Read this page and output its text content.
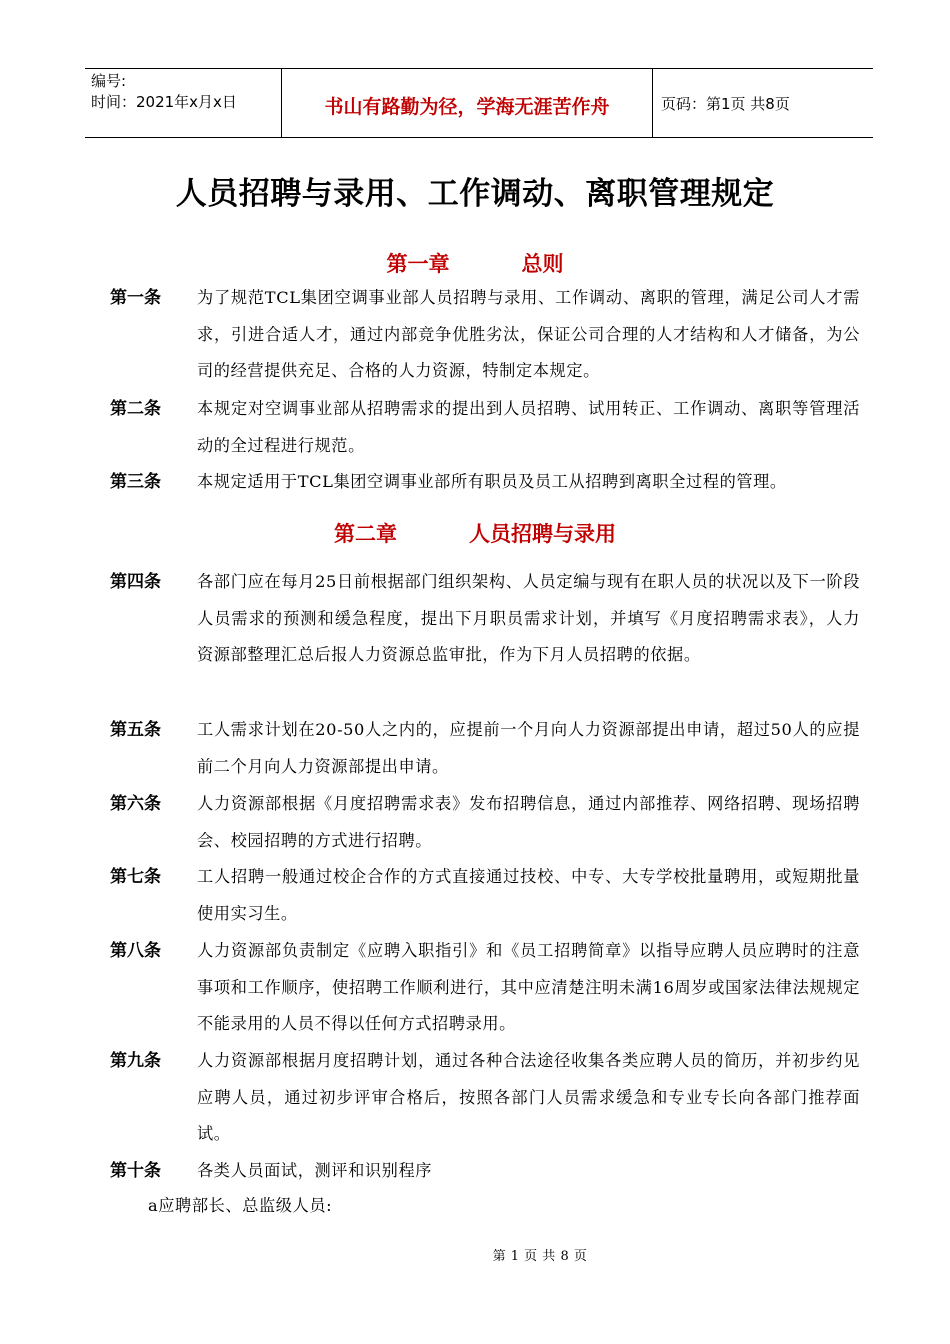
编号:
时间：2021年x月x日	书山有路勤为径，学海无涯苦作舟	页码：第1页 共8页
人员招聘与录用、工作调动、离职管理规定
第一章	总则
第一条 为了规范TCL集团空调事业部人员招聘与录用、工作调动、离职的管理，满足公司人才需求，引进合适人才，通过内部竞争优胜劣汰，保证公司合理的人才结构和人才储备，为公司的经营提供充足、合格的人力资源，特制定本规定。
第二条 本规定对空调事业部从招聘需求的提出到人员招聘、试用转正、工作调动、离职等管理活动的全过程进行规范。
第三条 本规定适用于TCL集团空调事业部所有职员及员工从招聘到离职全过程的管理。
第二章	人员招聘与录用
第四条 各部门应在每月25日前根据部门组织架构、人员定编与现有在职人员的状况以及下一阶段人员需求的预测和缓急程度，提出下月职员需求计划，并填写《月度招聘需求表》，人力资源部整理汇总后报人力资源总监审批，作为下月人员招聘的依据。
第五条 工人需求计划在20-50人之内的，应提前一个月向人力资源部提出申请，超过50人的应提前二个月向人力资源部提出申请。
第六条 人力资源部根据《月度招聘需求表》发布招聘信息，通过内部推荐、网络招聘、现场招聘会、校园招聘的方式进行招聘。
第七条 工人招聘一般通过校企合作的方式直接通过技校、中专、大专学校批量聘用，或短期批量使用实习生。
第八条 人力资源部负责制定《应聘入职指引》和《员工招聘简章》以指导应聘人员应聘时的注意事项和工作顺序，使招聘工作顺利进行，其中应清楚注明未满16周岁或国家法律法规规定不能录用的人员不得以任何方式招聘录用。
第九条 人力资源部根据月度招聘计划，通过各种合法途径收集各类应聘人员的简历，并初步约见应聘人员，通过初步评审合格后，按照各部门人员需求缓急和专业专长向各部门推荐面试。
第十条 各类人员面试，测评和识别程序
a应聘部长、总监级人员:
第 1 页 共 8 页
